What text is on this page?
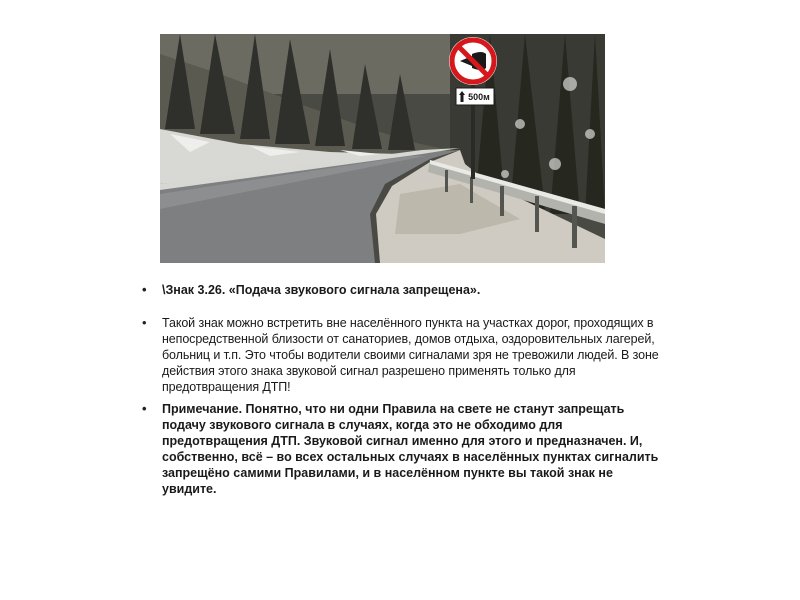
500м
• \Знак 3.26. «Подача звукового сигнала запрещена».
• Такой знак можно встретить вне населённого пункта на участках дорог, проходящих в непосредственной близости от санаториев, домов отдыха, оздоровительных лагерей, больниц и т.п. Это чтобы водители своими сигналами зря не тревожили людей. В зоне действия этого знака звуковой сигнал разрешено применять только для предотвращения ДТП!
• Примечание. Понятно, что ни одни Правила на свете не станут запрещать подачу звукового сигнала в случаях, когда это не обходимо для предотвращения ДТП. Звуковой сигнал именно для этого и предназначен. И, собственно, всё – во всех остальных случаях в населённых пунктах сигналить запрещёно самими Правилами, и в населённом пункте вы такой знак не увидите.
